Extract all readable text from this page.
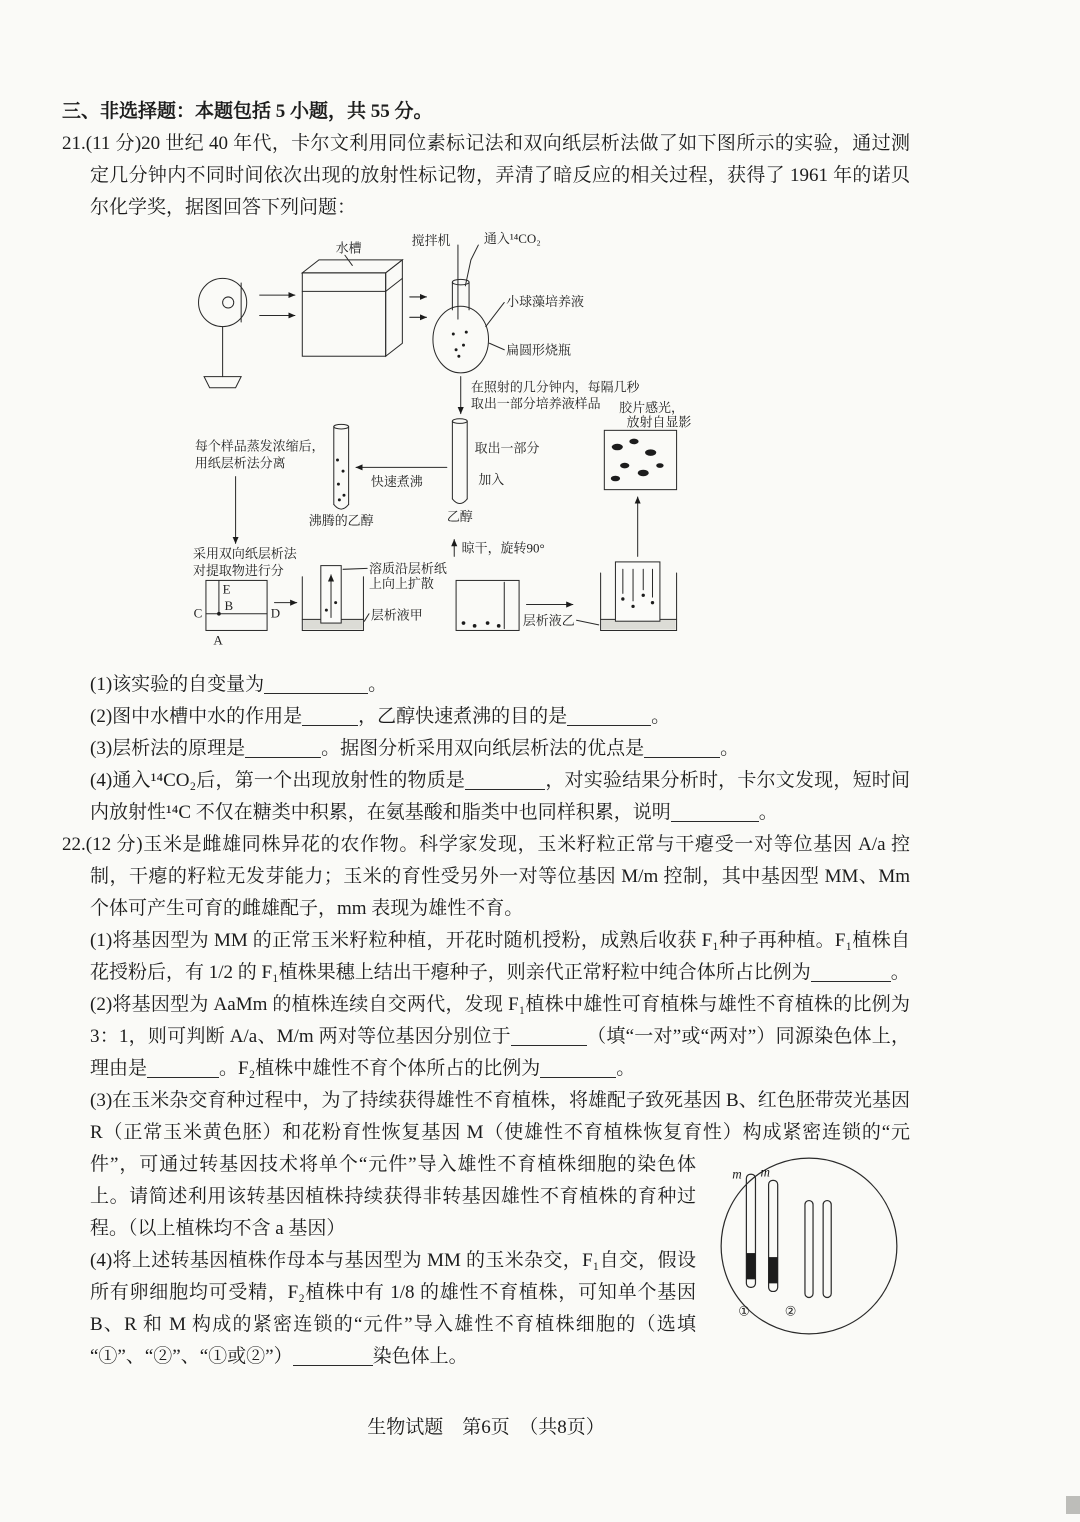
三、非选择题：本题包括 5 小题，共 55 分。

21.(11 分)20 世纪 40 年代，卡尔文利用同位素标记法和双向纸层析法做了如下图所示的实验，通过测定几分钟内不同时间依次出现的放射性标记物，弄清了暗反应的相关过程，获得了 1961 年的诺贝尔化学奖，据图回答下列问题：

水槽	搅拌机 通入¹⁴CO₂
小球藻培养液
扁圆形烧瓶
在照射的几分钟内，每隔几秒
取出一部分培养液样品 胶片感光，
放射自显影
取出一部分
加入
快速煮沸
沸腾的乙醇	乙醇
每个样品蒸发浓缩后，
用纸层析法分离
采用双向纸层析法
对提取物进行分
E
B
C	D
A
溶质沿层析纸
上向上扩散
层析液甲
晾干，旋转90°
层析液乙

(1)该实验的自变量为	。

(2)图中水槽中水的作用是	，乙醇快速煮沸的目的是	。

(3)层析法的原理是	。据图分析采用双向纸层析法的优点是	。

(4)通入¹⁴CO₂后，第一个出现放射性的物质是	，对实验结果分析时，卡尔文发现，短时间内放射性¹⁴C 不仅在糖类中积累，在氨基酸和脂类中也同样积累，说明	。

22.(12 分)玉米是雌雄同株异花的农作物。科学家发现，玉米籽粒正常与干瘪受一对等位基因 A/a 控制，干瘪的籽粒无发芽能力；玉米的育性受另外一对等位基因 M/m 控制，其中基因型 MM、Mm 个体可产生可育的雌雄配子，mm 表现为雄性不育。

(1)将基因型为 MM 的正常玉米籽粒种植，开花时随机授粉，成熟后收获 F₁种子再种植。F₁植株自花授粉后，有 1/2 的 F₁植株果穗上结出干瘪种子，则亲代正常籽粒中纯合体所占比例为	。

(2)将基因型为 AaMm 的植株连续自交两代，发现 F₁植株中雄性可育植株与雄性不育植株的比例为 3：1，则可判断 A/a、M/m 两对等位基因分别位于	（填“一对”或“两对”）同源染色体上，理由是	。F₂植株中雄性不育个体所占的比例为	。

(3)在玉米杂交育种过程中，为了持续获得雄性不育植株，将雄配子致死基因 B、红色胚带荧光基因 R（正常玉米黄色胚）和花粉育性恢复基因 M（使雄性不育植株恢复育性）构成紧密连锁
m m
①	②
的“元件”，可通过转基因技术将单个“元件”导入雄性不育植株细胞的染色体上。请简述利用该转基因植株持续获得非转基因雄性不育植株的育种过程。（以上植株均不含 a 基因）

(4)将上述转基因植株作母本与基因型为 MM 的玉米杂交，F₁自交，假设所有卵细胞均可受精，F₂植株中有 1/8 的雄性不育植株，可知单个基因 B、R 和 M 构成的紧密连锁的“元件”导入雄性不育植株细胞的（选填“①”、“②”、“①或②”）	染色体上。

生物试题　第6页　（共8页）
